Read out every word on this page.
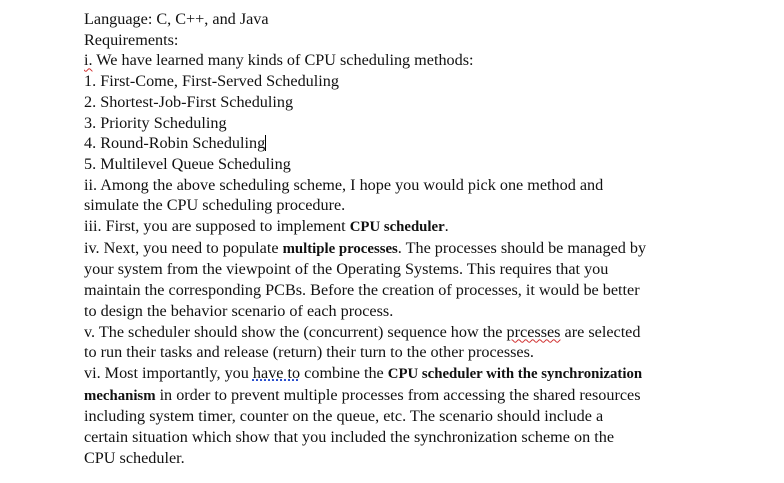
Language: C, C++, and Java
Requirements:
i. We have learned many kinds of CPU scheduling methods:
1. First-Come, First-Served Scheduling
2. Shortest-Job-First Scheduling
3. Priority Scheduling
4. Round-Robin Scheduling
5. Multilevel Queue Scheduling
ii. Among the above scheduling scheme, I hope you would pick one method and
simulate the CPU scheduling procedure.
iii. First, you are supposed to implement CPU scheduler.
iv. Next, you need to populate multiple processes. The processes should be managed by
your system from the viewpoint of the Operating Systems. This requires that you
maintain the corresponding PCBs. Before the creation of processes, it would be better
to design the behavior scenario of each process.
v. The scheduler should show the (concurrent) sequence how the prcesses are selected
to run their tasks and release (return) their turn to the other processes.
vi. Most importantly, you have to combine the CPU scheduler with the synchronization
mechanism in order to prevent multiple processes from accessing the shared resources
including system timer, counter on the queue, etc. The scenario should include a
certain situation which show that you included the synchronization scheme on the
CPU scheduler.
